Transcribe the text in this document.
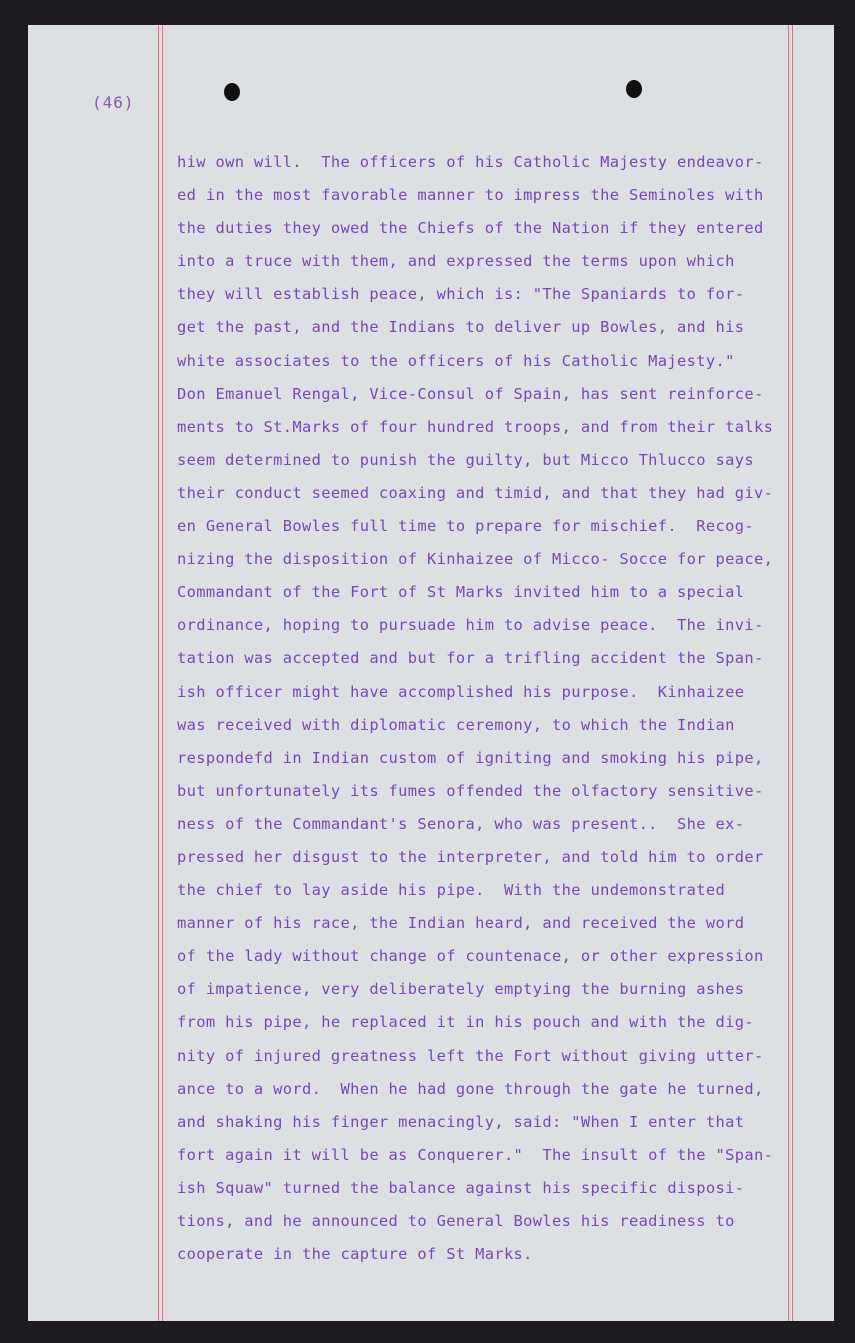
(46)
hiw own will.  The officers of his Catholic Majesty endeavor-
ed in the most favorable manner to impress the Seminoles with
the duties they owed the Chiefs of the Nation if they entered
into a truce with them, and expressed the terms upon which
they will establish peace, which is: "The Spaniards to for-
get the past, and the Indians to deliver up Bowles, and his
white associates to the officers of his Catholic Majesty."
Don Emanuel Rengal, Vice-Consul of Spain, has sent reinforce-
ments to St.Marks of four hundred troops, and from their talks
seem determined to punish the guilty, but Micco Thlucco says
their conduct seemed coaxing and timid, and that they had giv-
en General Bowles full time to prepare for mischief.  Recog-
nizing the disposition of Kinhaizee of Micco- Socce for peace,
Commandant of the Fort of St Marks invited him to a special
ordinance, hoping to pursuade him to advise peace.  The invi-
tation was accepted and but for a trifling accident the Span-
ish officer might have accomplished his purpose.  Kinhaizee
was received with diplomatic ceremony, to which the Indian
respondefd in Indian custom of igniting and smoking his pipe,
but unfortunately its fumes offended the olfactory sensitive-
ness of the Commandant's Senora, who was present..  She ex-
pressed her disgust to the interpreter, and told him to order
the chief to lay aside his pipe.  With the undemonstrated
manner of his race, the Indian heard, and received the word
of the lady without change of countenace, or other expression
of impatience, very deliberately emptying the burning ashes
from his pipe, he replaced it in his pouch and with the dig-
nity of injured greatness left the Fort without giving utter-
ance to a word.  When he had gone through the gate he turned,
and shaking his finger menacingly, said: "When I enter that
fort again it will be as Conquerer."  The insult of the "Span-
ish Squaw" turned the balance against his specific disposi-
tions, and he announced to General Bowles his readiness to
cooperate in the capture of St Marks.
